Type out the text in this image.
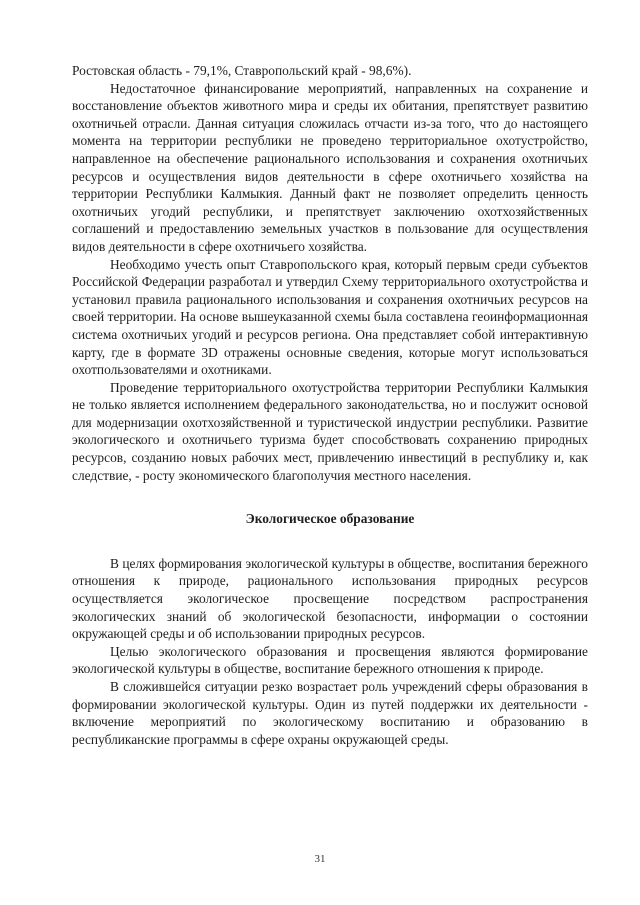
Ростовская область - 79,1%, Ставропольский край - 98,6%).

Недостаточное финансирование мероприятий, направленных на сохранение и восстановление объектов животного мира и среды их обитания, препятствует развитию охотничьей отрасли. Данная ситуация сложилась отчасти из-за того, что до настоящего момента на территории республики не проведено территориальное охотустройство, направленное на обеспечение рационального использования и сохранения охотничьих ресурсов и осуществления видов деятельности в сфере охотничьего хозяйства на территории Республики Калмыкия. Данный факт не позволяет определить ценность охотничьих угодий республики, и препятствует заключению охотхозяйственных соглашений и предоставлению земельных участков в пользование для осуществления видов деятельности в сфере охотничьего хозяйства.

Необходимо учесть опыт Ставропольского края, который первым среди субъектов Российской Федерации разработал и утвердил Схему территориального охотустройства и установил правила рационального использования и сохранения охотничьих ресурсов на своей территории. На основе вышеуказанной схемы была составлена геоинформационная система охотничьих угодий и ресурсов региона. Она представляет собой интерактивную карту, где в формате 3D отражены основные сведения, которые могут использоваться охотпользователями и охотниками.

Проведение территориального охотустройства территории Республики Калмыкия не только является исполнением федерального законодательства, но и послужит основой для модернизации охотхозяйственной и туристической индустрии республики. Развитие экологического и охотничьего туризма будет способствовать сохранению природных ресурсов, созданию новых рабочих мест, привлечению инвестиций в республику и, как следствие, - росту экономического благополучия местного населения.

Экологическое образование

В целях формирования экологической культуры в обществе, воспитания бережного отношения к природе, рационального использования природных ресурсов осуществляется экологическое просвещение посредством распространения экологических знаний об экологической безопасности, информации о состоянии окружающей среды и об использовании природных ресурсов.

Целью экологического образования и просвещения являются формирование экологической культуры в обществе, воспитание бережного отношения к природе.

В сложившейся ситуации резко возрастает роль учреждений сферы образования в формировании экологической культуры. Один из путей поддержки их деятельности - включение мероприятий по экологическому воспитанию и образованию в республиканские программы в сфере охраны окружающей среды.

31
